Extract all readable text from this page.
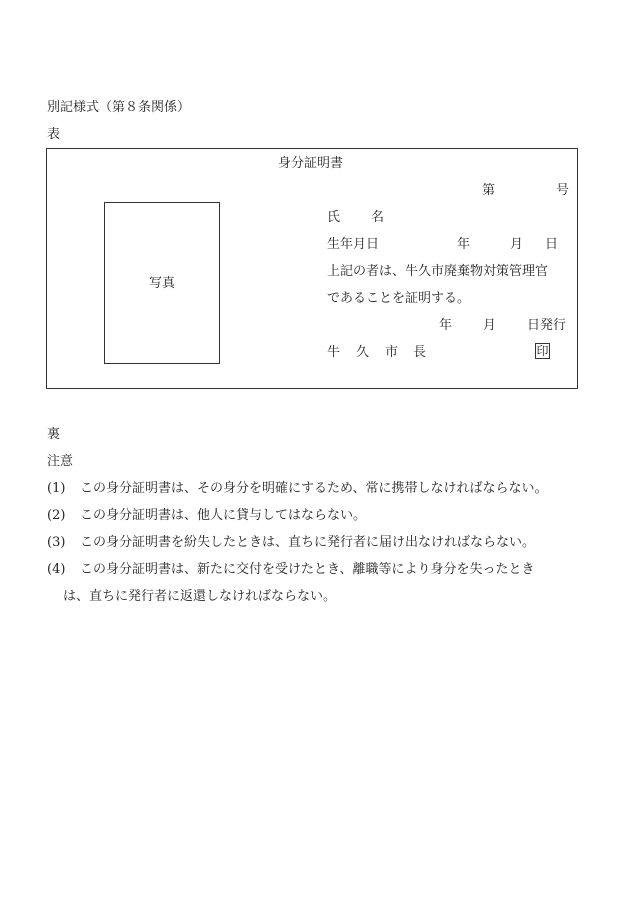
別記様式（第８条関係）
表
身分証明書
第	号
写真
氏 名
生年月日	年	月 日
上記の者は、牛久市廃棄物対策管理官
であることを証明する。
年 月 日発行
牛 久 市 長	印
裏
注意
(1) この身分証明書は、その身分を明確にするため、常に携帯しなければならない。
(2) この身分証明書は、他人に貸与してはならない。
(3) この身分証明書を紛失したときは、直ちに発行者に届け出なければならない。
(4) この身分証明書は、新たに交付を受けたとき、離職等により身分を失ったとき
は、直ちに発行者に返還しなければならない。
